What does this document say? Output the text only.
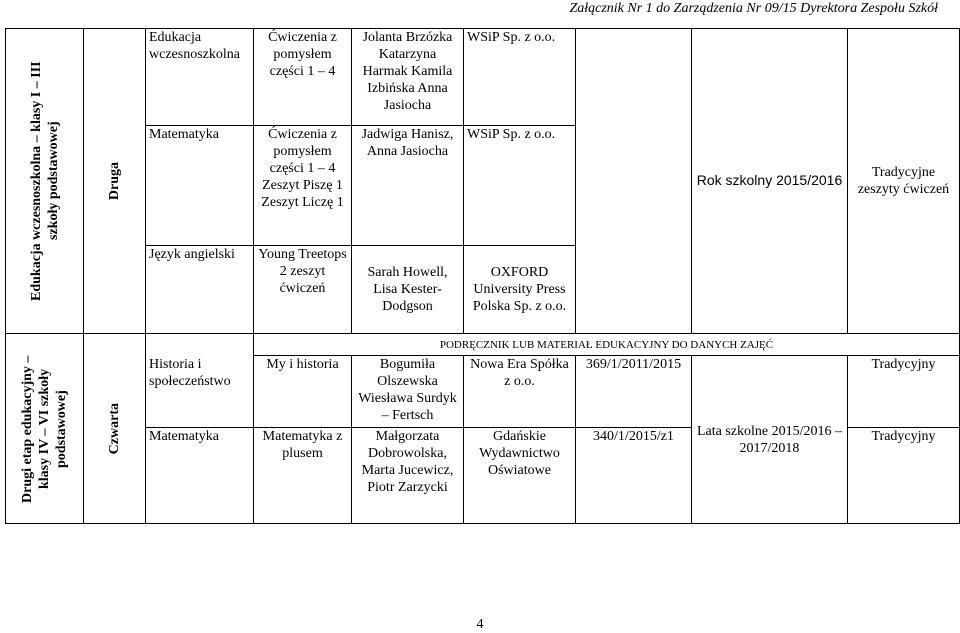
Załącznik Nr 1 do Zarządzenia Nr 09/15 Dyrektora Zespołu Szkół
Edukacja wczesnoszkolna – klasy I – III szkoły podstawowej	Druga	Edukacja wczesnoszkolna	Ćwiczenia z pomysłem części 1 – 4	Jolanta Brzózka Katarzyna Harmak Kamila Izbińska Anna Jasiocha	WSiP Sp. z o.o.		Rok szkolny 2015/2016	Tradycyjne zeszyty ćwiczeń
		Matematyka	Ćwiczenia z pomysłem części 1 – 4 Zeszyt Piszę 1 Zeszyt Liczę 1	Jadwiga Hanisz, Anna Jasiocha	WSiP Sp. z o.o.			
		Język angielski	Young Treetops 2 zeszyt ćwiczeń	Sarah Howell, Lisa Kester-Dodgson	OXFORD University Press Polska Sp. z o.o.			

Drugi etap edukacyjny – klasy IV – VI szkoły podstawowej	Czwarta		PODRĘCZNIK LUB MATERIAŁ EDUKACYJNY DO DANYCH ZAJĘĆ					
		Historia i społeczeństwo	My i historia	Bogumiła Olszewska Wiesława Surdyk – Fertsch	Nowa Era Spółka z o.o.	369/1/2011/2015	Lata szkolne 2015/2016 – 2017/2018	Tradycyjny
		Matematyka	Matematyka z plusem	Małgorzata Dobrowolska, Marta Jucewicz, Piotr Zarzycki	Gdańskie Wydawnictwo Oświatowe	340/1/2015/z1		Tradycyjny
4
